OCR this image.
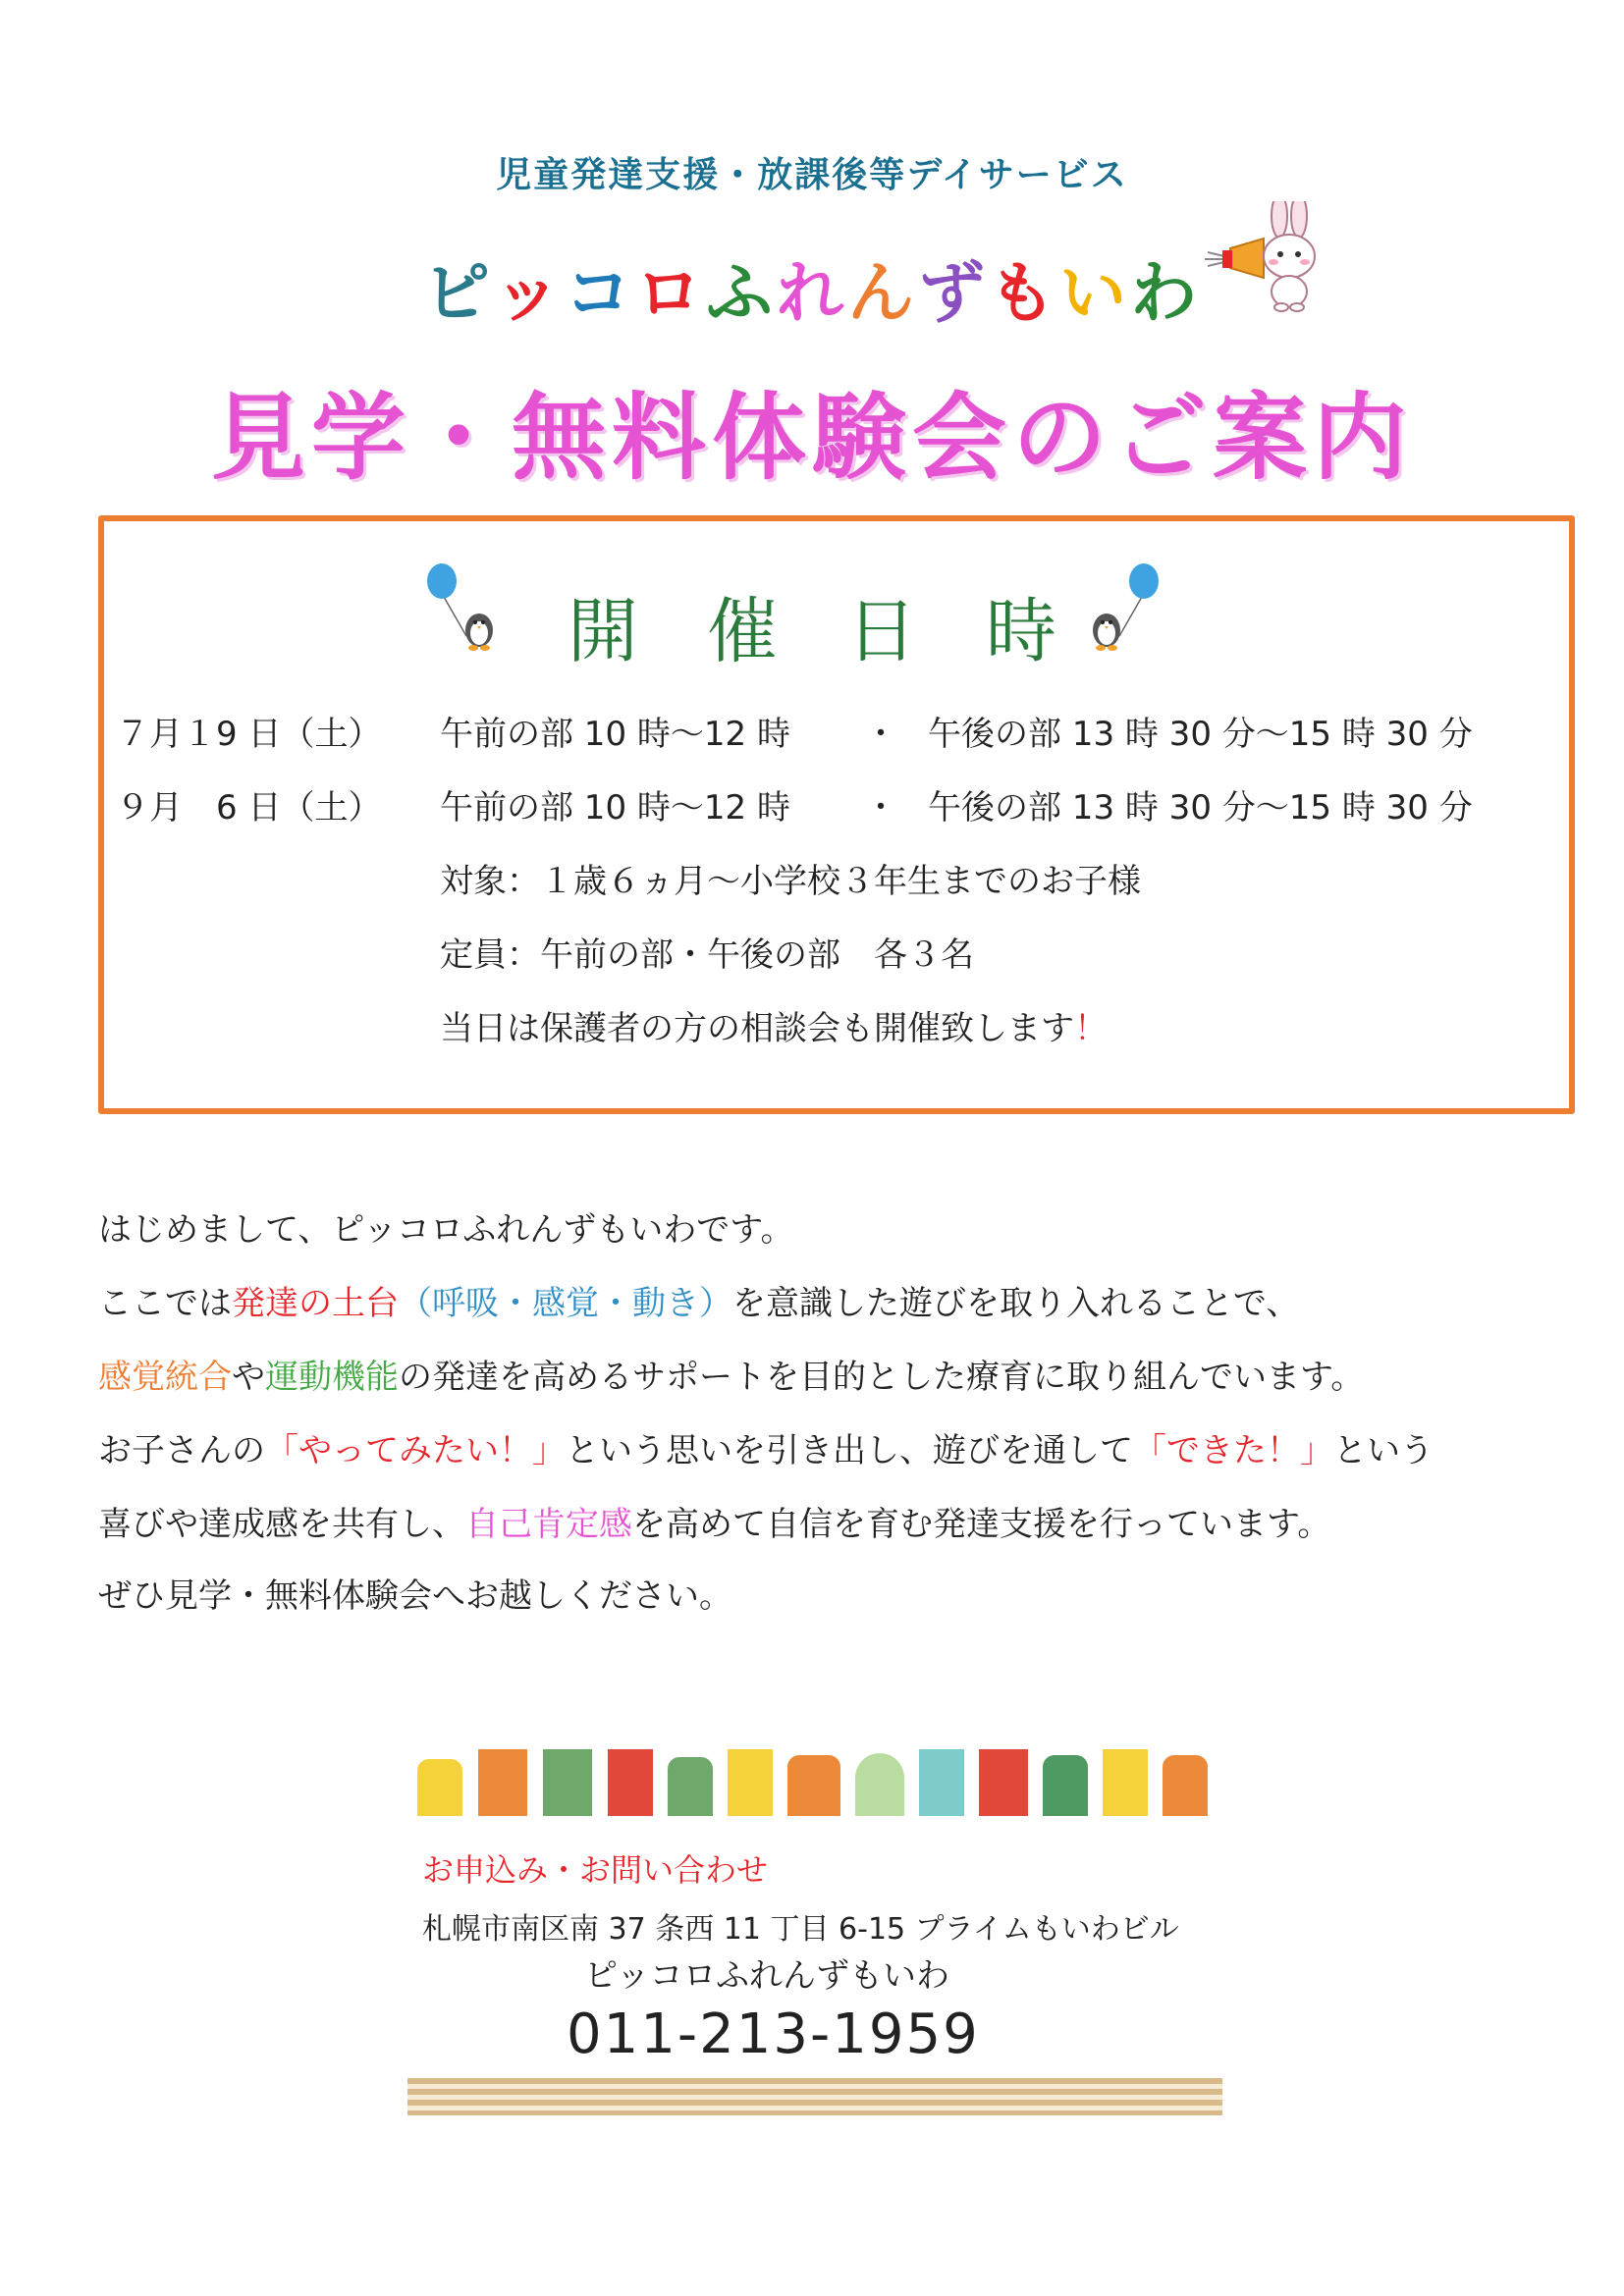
児童発達支援・放課後等デイサービス
ピッコロふれんずもいわ
見学・無料体験会のご案内
開催日時
７月１9 日（土） 午前の部 10 時～12 時 ・ 午後の部 13 時 30 分～15 時 30 分
９月　6 日（土） 午前の部 10 時～12 時 ・ 午後の部 13 時 30 分～15 時 30 分
対象：１歳６ヵ月～小学校３年生までのお子様
定員：午前の部・午後の部　各３名
当日は保護者の方の相談会も開催致します！
はじめまして、ピッコロふれんずもいわです。
ここでは発達の土台（呼吸・感覚・動き）を意識した遊びを取り入れることで、
感覚統合や運動機能の発達を高めるサポートを目的とした療育に取り組んでいます。
お子さんの「やってみたい！」という思いを引き出し、遊びを通して「できた！」という
喜びや達成感を共有し、自己肯定感を高めて自信を育む発達支援を行っています。
ぜひ見学・無料体験会へお越しください。
お申込み・お問い合わせ
札幌市南区南 37 条西 11 丁目 6-15 プライムもいわビル
ピッコロふれんずもいわ
011-213-1959
